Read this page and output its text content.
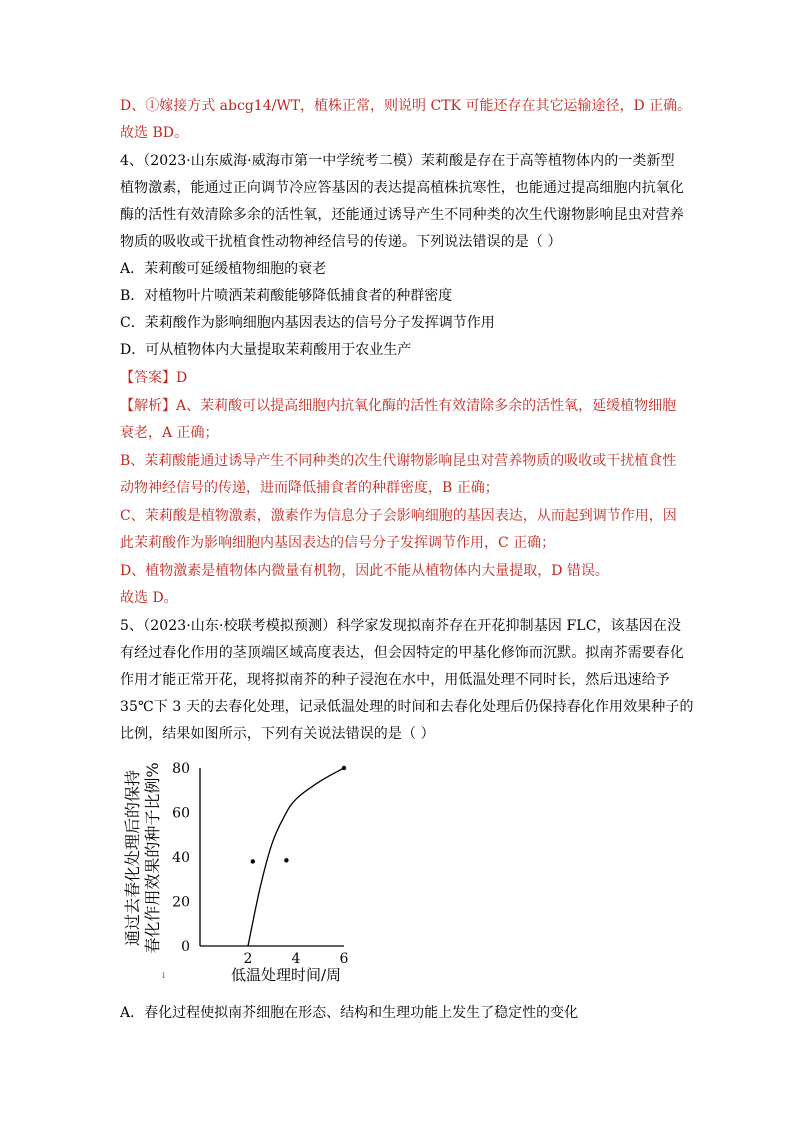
D、①嫁接方式 abcg14/WT，植株正常，则说明 CTK 可能还存在其它运输途径，D 正确。
故选 BD。
4、（2023·山东威海·威海市第一中学统考二模）茉莉酸是存在于高等植物体内的一类新型
植物激素，能通过正向调节冷应答基因的表达提高植株抗寒性，也能通过提高细胞内抗氧化
酶的活性有效清除多余的活性氧，还能通过诱导产生不同种类的次生代谢物影响昆虫对营养
物质的吸收或干扰植食性动物神经信号的传递。下列说法错误的是（ ）
A．茉莉酸可延缓植物细胞的衰老
B．对植物叶片喷洒茉莉酸能够降低捕食者的种群密度
C．茉莉酸作为影响细胞内基因表达的信号分子发挥调节作用
D．可从植物体内大量提取茉莉酸用于农业生产
【答案】D
【解析】A、茉莉酸可以提高细胞内抗氧化酶的活性有效清除多余的活性氧，延缓植物细胞
衰老，A 正确；
B、茉莉酸能通过诱导产生不同种类的次生代谢物影响昆虫对营养物质的吸收或干扰植食性
动物神经信号的传递，进而降低捕食者的种群密度，B 正确；
C、茉莉酸是植物激素，激素作为信息分子会影响细胞的基因表达，从而起到调节作用，因
此茉莉酸作为影响细胞内基因表达的信号分子发挥调节作用，C 正确；
D、植物激素是植物体内微量有机物，因此不能从植物体内大量提取，D 错误。
故选 D。
5、（2023·山东·校联考模拟预测）科学家发现拟南芥存在开花抑制基因 FLC，该基因在没
有经过春化作用的茎顶端区域高度表达，但会因特定的甲基化修饰而沉默。拟南芥需要春化
作用才能正常开花，现将拟南芥的种子浸泡在水中，用低温处理不同时长，然后迅速给予
35℃下 3 天的去春化处理，记录低温处理的时间和去春化处理后仍保持春化作用效果种子的
比例，结果如图所示，下列有关说法错误的是（ ）
通过去春化处理后的保持 春化作用效果的种子比例% 0
20
40
60
80
2	4	6
低温处理时间/周
ı
A．春化过程使拟南芥细胞在形态、结构和生理功能上发生了稳定性的变化
